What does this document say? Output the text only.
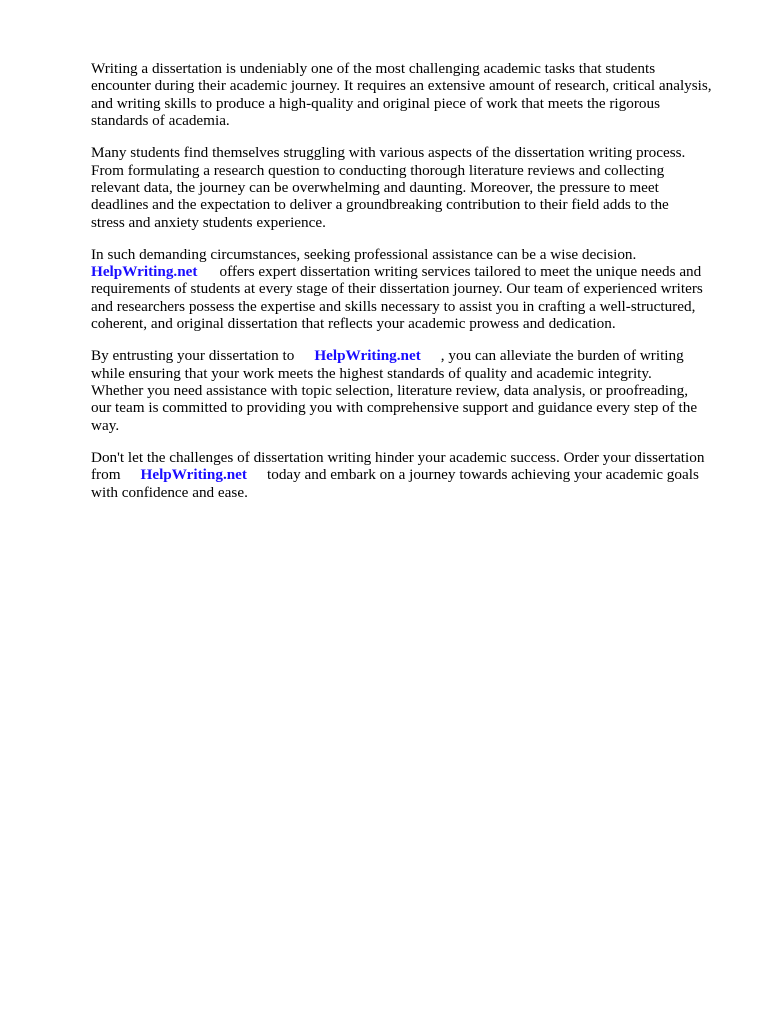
Writing a dissertation is undeniably one of the most challenging academic tasks that students
encounter during their academic journey. It requires an extensive amount of research, critical analysis,
and writing skills to produce a high-quality and original piece of work that meets the rigorous
standards of academia.

Many students find themselves struggling with various aspects of the dissertation writing process.
From formulating a research question to conducting thorough literature reviews and collecting
relevant data, the journey can be overwhelming and daunting. Moreover, the pressure to meet
deadlines and the expectation to deliver a groundbreaking contribution to their field adds to the
stress and anxiety students experience.

In such demanding circumstances, seeking professional assistance can be a wise decision.
HelpWriting.net offers expert dissertation writing services tailored to meet the unique needs and
requirements of students at every stage of their dissertation journey. Our team of experienced writers
and researchers possess the expertise and skills necessary to assist you in crafting a well-structured,
coherent, and original dissertation that reflects your academic prowess and dedication.

By entrusting your dissertation to HelpWriting.net , you can alleviate the burden of writing
while ensuring that your work meets the highest standards of quality and academic integrity.
Whether you need assistance with topic selection, literature review, data analysis, or proofreading,
our team is committed to providing you with comprehensive support and guidance every step of the
way.

Don't let the challenges of dissertation writing hinder your academic success. Order your dissertation
from HelpWriting.net today and embark on a journey towards achieving your academic goals
with confidence and ease.
